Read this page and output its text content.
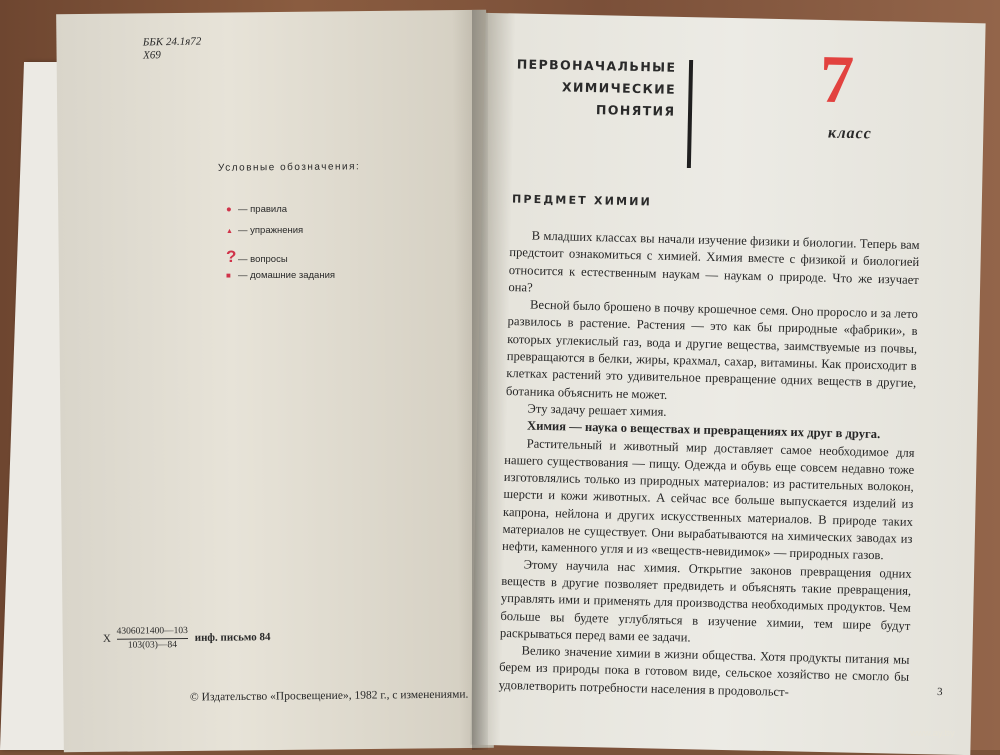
ББК 24.1я72
Х69
Условные обозначения:
● — правила
▲ — упражнения
? — вопросы
■ — домашние задания
Х $\frac{4306021400—103}{103(03)—84}$ инф. письмо 84
© Издательство «Просвещение», 1982 г., с изменениями.
ПЕРВОНАЧАЛЬНЫЕ
ХИМИЧЕСКИЕ
ПОНЯТИЯ 7
класс
ПРЕДМЕТ ХИМИИ

В младших классах вы начали изучение физики и биологии. Теперь вам предстоит ознакомиться с химией. Химия вместе с физикой и биологией относится к естественным наукам — наукам о природе. Что же изучает она?

Весной было брошено в почву крошечное семя. Оно проросло и за лето развилось в растение. Растения — это как бы природные «фабрики», в которых углекислый газ, вода и другие вещества, заимствуемые из почвы, превращаются в белки, жиры, крахмал, сахар, витамины. Как происходит в клетках растений это удивительное превращение одних веществ в другие, ботаника объяснить не может.

Эту задачу решает химия.

Химия — наука о веществах и превращениях их друг в друга.

Растительный и животный мир доставляет самое необходимое для нашего существования — пищу. Одежда и обувь еще совсем недавно тоже изготовлялись только из природных материалов: из растительных волокон, шерсти и кожи животных. А сейчас все больше выпускается изделий из капрона, нейлона и других искусственных материалов. В природе таких материалов не существует. Они вырабатываются на химических заводах из нефти, каменного угля и из «веществ-невидимок» — природных газов.

Этому научила нас химия. Открытие законов превращения одних веществ в другие позволяет предвидеть и объяснять такие превращения, управлять ими и применять для производства необходимых продуктов. Чем больше вы будете углубляться в изучение химии, тем шире будут раскрываться перед вами ее задачи.

Велико значение химии в жизни общества. Хотя продукты питания мы берем из природы пока в готовом виде, сельское хозяйство не смогло бы удовлетворить потребности населения в продовольст-	3
www.ay.by
